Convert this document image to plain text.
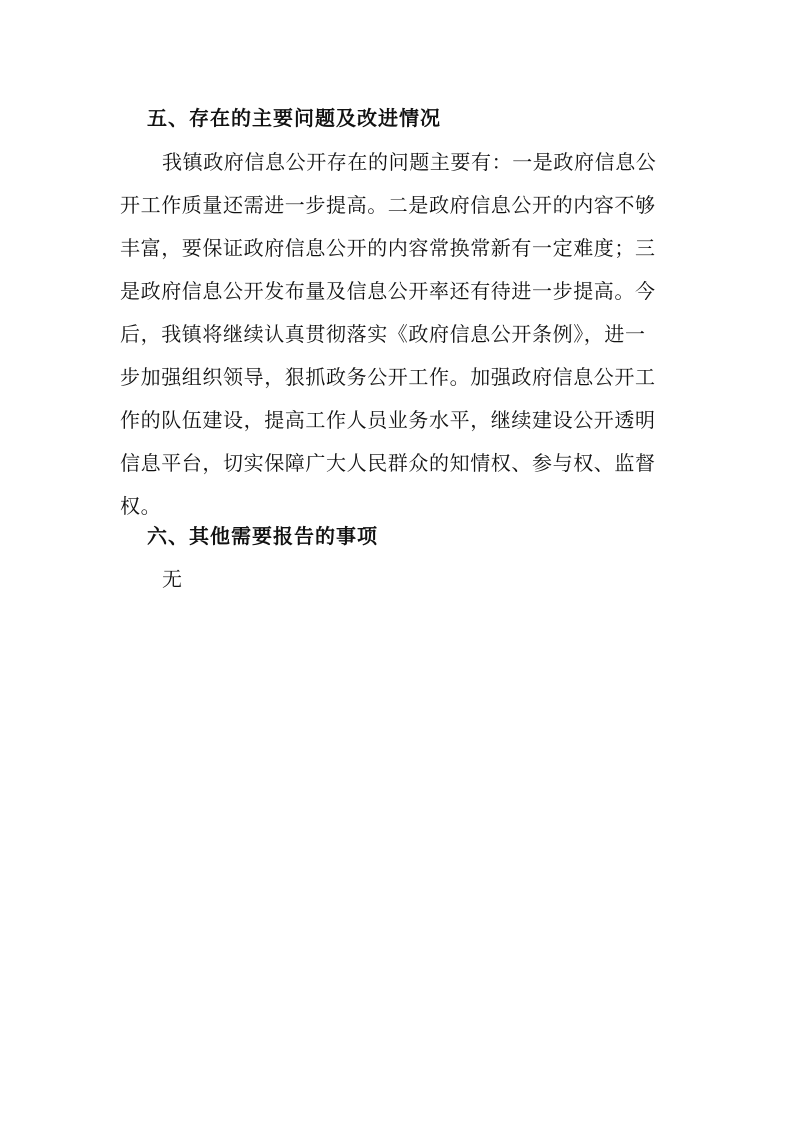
五、存在的主要问题及改进情况
我镇政府信息公开存在的问题主要有：一是政府信息公
开工作质量还需进一步提高。二是政府信息公开的内容不够
丰富，要保证政府信息公开的内容常换常新有一定难度；三
是政府信息公开发布量及信息公开率还有待进一步提高。今
后，我镇将继续认真贯彻落实《政府信息公开条例》，进一
步加强组织领导，狠抓政务公开工作。加强政府信息公开工
作的队伍建设，提高工作人员业务水平，继续建设公开透明
信息平台，切实保障广大人民群众的知情权、参与权、监督
权。
六、其他需要报告的事项
无
